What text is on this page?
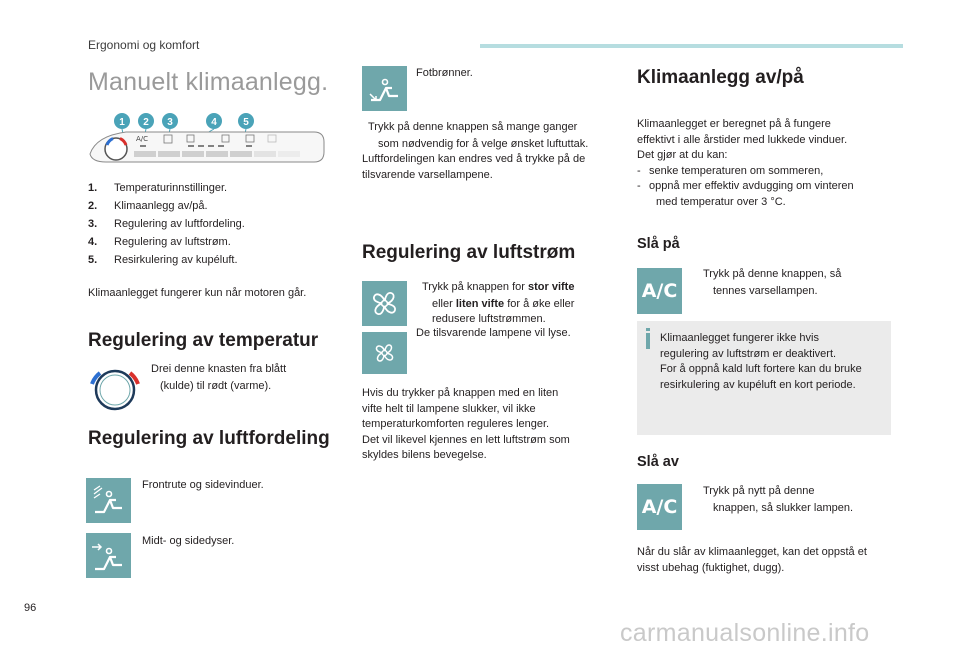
Ergonomi og komfort
Manuelt klimaanlegg.
1 2 3	4	5
A/C
1. Temperaturinnstillinger.
2. Klimaanlegg av/på.
3. Regulering av luftfordeling.
4. Regulering av luftstrøm.
5. Resirkulering av kupéluft.
Klimaanlegget fungerer kun når motoren går.
Regulering av temperatur
Drei denne knasten fra blått
(kulde) til rødt (varme).
Regulering av luftfordeling
Frontrute og sidevinduer.
Midt- og sidedyser.
Fotbrønner.
Trykk på denne knappen så mange ganger
som nødvendig for å velge ønsket luftuttak.
Luftfordelingen kan endres ved å trykke på de
tilsvarende varsellampene.
Regulering av luftstrøm
Trykk på knappen for stor vifte
eller liten vifte for å øke eller
redusere luftstrømmen.
De tilsvarende lampene vil lyse.
Hvis du trykker på knappen med en liten
vifte helt til lampene slukker, vil ikke
temperaturkomforten reguleres lenger.
Det vil likevel kjennes en lett luftstrøm som
skyldes bilens bevegelse.
Klimaanlegg av/på
Klimaanlegget er beregnet på å fungere
effektivt i alle årstider med lukkede vinduer.
Det gjør at du kan:
- senke temperaturen om sommeren,
- oppnå mer effektiv avdugging om vinteren
med temperatur over 3 °C.
Slå på
A/C
Trykk på denne knappen, så
tennes varsellampen.
Klimaanlegget fungerer ikke hvis
regulering av luftstrøm er deaktivert.
For å oppnå kald luft fortere kan du bruke
resirkulering av kupéluft en kort periode.
Slå av
A/C
Trykk på nytt på denne
knappen, så slukker lampen.
Når du slår av klimaanlegget, kan det oppstå et
visst ubehag (fuktighet, dugg).
96
carmanualsonline.info
